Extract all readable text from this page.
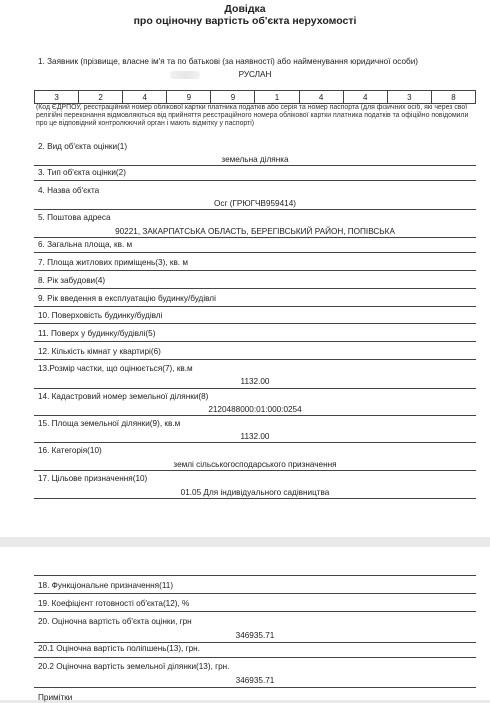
Довідка
про оціночну вартість об'єкта нерухомості
1. Заявник (прізвище, власне ім'я та по батькові (за наявності) або найменування юридичної особи)
РУСЛАН
3	2	4	9	9	1	4	4	3	8
(Код ЄДРПОУ, реєстраційний номер облікової картки платника податків або серія та номер паспорта (для фізичних осіб, які через свої релігійні переконання відмовляються від прийняття реєстраційного номера облікової картки платника податків та офіційно повідомили про це відповідний контролюючий орган і мають відмітку у паспорті)
2. Вид об'єкта оцінки(1)
земельна ділянка
3. Тип об'єкта оцінки(2)
4. Назва об'єкта
Осг (ГРЮГЧВ959414)
5. Поштова адреса
90221, ЗАКАРПАТСЬКА ОБЛАСТЬ, БЕРЕГІВСЬКИЙ РАЙОН, ПОПІВСЬКА
6. Загальна площа, кв. м
7. Площа житлових приміщень(3), кв. м
8. Рік забудови(4)
9. Рік введення в експлуатацію будинку/будівлі
10. Поверховість будинку/будівлі
11. Поверх у будинку/будівлі(5)
12. Кількість кімнат у квартирі(6)
13.Розмір частки, що оцінюється(7), кв.м
1132.00
14. Кадастровий номер земельної ділянки(8)
2120488000:01:000:0254
15. Площа земельної ділянки(9), кв.м
1132.00
16. Категорія(10)
землі сільськогосподарського призначення
17. Цільове призначення(10)
01.05 Для індивідуального садівництва
18. Функціональне призначення(11)
19. Коефіцієнт готовності об'єкта(12), %
20. Оціночна вартість об'єкта оцінки, грн
346935.71
20.1 Оціночна вартість поліпшень(13), грн.
20.2 Оціночна вартість земельної ділянки(13), грн.
346935.71
Примітки
